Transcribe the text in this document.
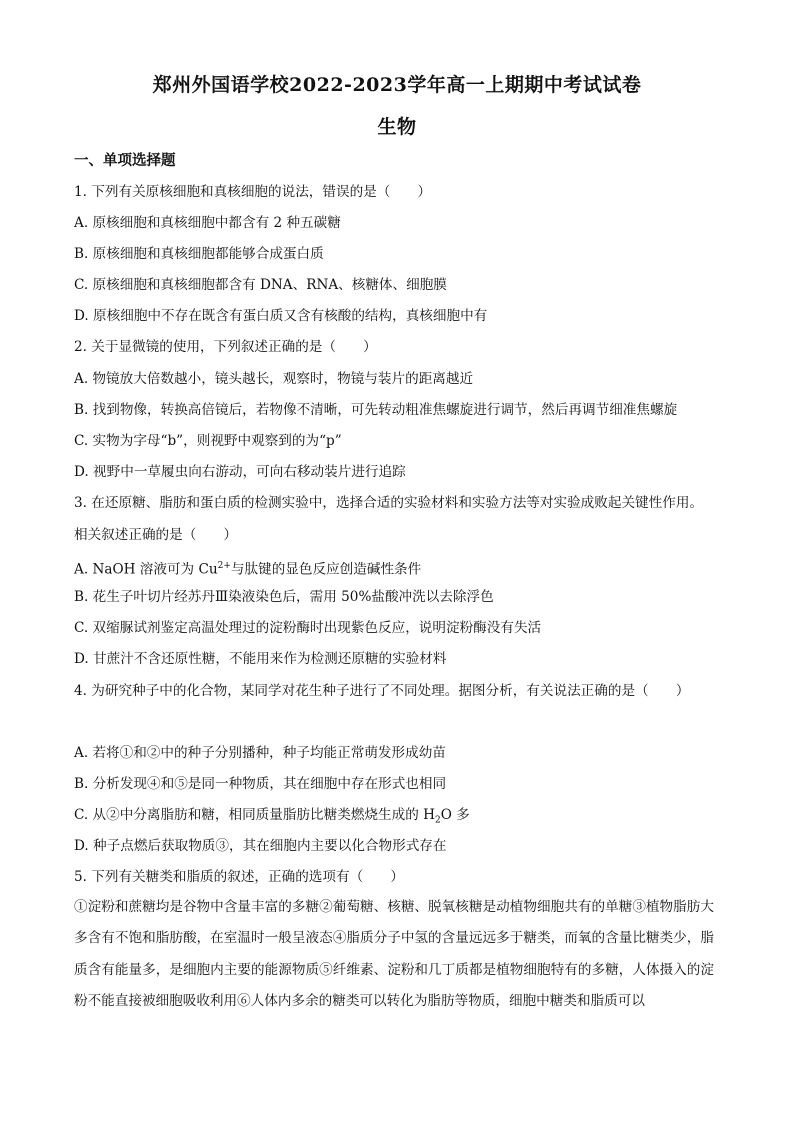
郑州外国语学校2022-2023学年高一上期期中考试试卷
生物
一、单项选择题
1. 下列有关原核细胞和真核细胞的说法，错误的是（　　）
A. 原核细胞和真核细胞中都含有 2 种五碳糖
B. 原核细胞和真核细胞都能够合成蛋白质
C. 原核细胞和真核细胞都含有 DNA、RNA、核糖体、细胞膜
D. 原核细胞中不存在既含有蛋白质又含有核酸的结构，真核细胞中有
2. 关于显微镜的使用，下列叙述正确的是（　　）
A. 物镜放大倍数越小，镜头越长，观察时，物镜与装片的距离越近
B. 找到物像，转换高倍镜后，若物像不清晰，可先转动粗准焦螺旋进行调节，然后再调节细准焦螺旋
C. 实物为字母“b”，则视野中观察到的为“p”
D. 视野中一草履虫向右游动，可向右移动装片进行追踪
3. 在还原糖、脂肪和蛋白质的检测实验中，选择合适的实验材料和实验方法等对实验成败起关键性作用。
相关叙述正确的是（　　）
A. NaOH 溶液可为 $Cu^{2+}$与肽键的显色反应创造碱性条件
B. 花生子叶切片经苏丹Ⅲ染液染色后，需用 50%盐酸冲洗以去除浮色
C. 双缩脲试剂鉴定高温处理过的淀粉酶时出现紫色反应，说明淀粉酶没有失活
D. 甘蔗汁不含还原性糖，不能用来作为检测还原糖的实验材料
4. 为研究种子中的化合物，某同学对花生种子进行了不同处理。据图分析，有关说法正确的是（　　）
A. 若将①和②中的种子分别播种，种子均能正常萌发形成幼苗
B. 分析发现④和⑤是同一种物质，其在细胞中存在形式也相同
C. 从②中分离脂肪和糖，相同质量脂肪比糖类燃烧生成的 $H_2O$ 多
D. 种子点燃后获取物质③，其在细胞内主要以化合物形式存在
5. 下列有关糖类和脂质的叙述，正确的选项有（　　）
①淀粉和蔗糖均是谷物中含量丰富的多糖②葡萄糖、核糖、脱氧核糖是动植物细胞共有的单糖③植物脂肪大多含有不饱和脂肪酸，在室温时一般呈液态④脂质分子中氢的含量远远多于糖类，而氧的含量比糖类少，脂质含有能量多，是细胞内主要的能源物质⑤纤维素、淀粉和几丁质都是植物细胞特有的多糖，人体摄入的淀粉不能直接被细胞吸收利用⑥人体内多余的糖类可以转化为脂肪等物质，细胞中糖类和脂质可以
